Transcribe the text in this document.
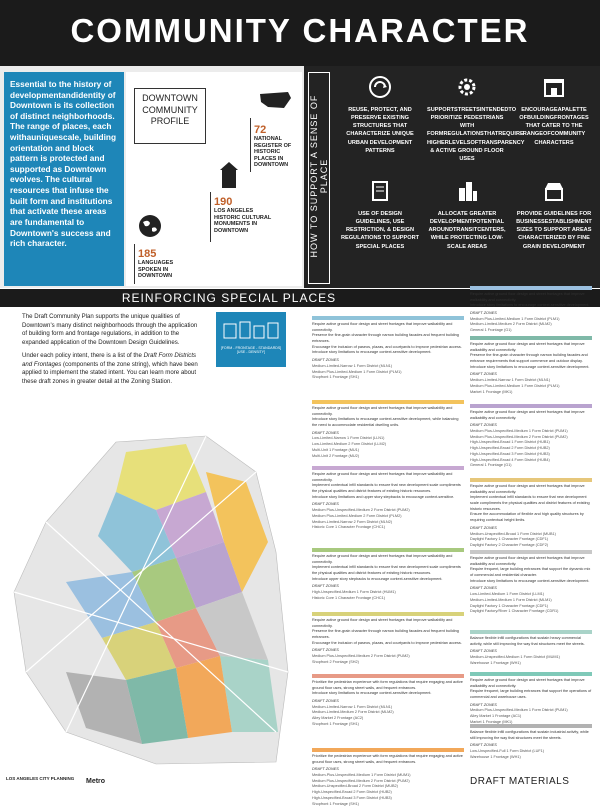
COMMUNITY CHARACTER
Essential to the history of developmentandidentity of Downtown is its collection of distinct neighborhoods. The range of places, each withauniquescale, building orientation and block pattern is protected and supported as Downtown evolves. The cultural resources that infuse the built form and institutions that activate these areas are fundamental to Downtown's success and rich character.
DOWNTOWN
COMMUNITY
PROFILE
72
NATIONAL REGISTER OF HISTORIC PLACES IN DOWNTOWN
190
LOS ANGELES HISTORIC CULTURAL MONUMENTS IN DOWNTOWN
185
LANGUAGES SPOKEN IN DOWNTOWN
HOW TO SUPPORT A SENSE OF PLACE
REUSE, PROTECT, AND PRESERVE EXISTING STRUCTURES THAT CHARACTERIZE UNIQUE URBAN DEVELOPMENT PATTERNS
SUPPORTSTREETSINTENDEDTO PRIORITIZE PEDESTRIANS WITH FORMREGULATIONSTHATREQUIRE HIGHERLEVELSOFTRANSPARENCY & ACTIVE GROUND FLOOR USES
ENCOURAGEAPALETTE OFBUILDINGFRONTAGES THAT CATER TO THE RANGEOFCOMMUNITY CHARACTERS
USE OF DESIGN GUIDELINES, USE RESTRICTION, & DESIGN REGULATIONS TO SUPPORT SPECIAL PLACES
ALLOCATE GREATER DEVELOPMENTPOTENTIAL AROUNDTRANSITCENTERS, WHILE PROTECTING LOW-SCALE AREAS
PROVIDE GUIDELINES FOR BUSINESSESTABLISHMENT SIZES TO SUPPORT AREAS CHARACTERIZED BY FINE GRAIN DEVELOPMENT
REINFORCING SPECIAL PLACES

The Draft Community Plan supports the unique qualities of Downtown's many distinct neighborhoods through the application of building form and frontage regulations, in addition to the expanded application of the Downtown Design Guidelines.

Under each policy intent, there is a list of the Draft Form Districts and Frontages (components of the zone string), which have been applied to implement the stated intent. You can learn more about these draft zones in greater detail at the Zoning Station.

[FORM - FRONTAGE - STANDARDS][USE - DENSITY]
LOS ANGELES CITY PLANNING Metro	DRAFT MATERIALS
Require active ground floor design and street frontages that improve walkability and connectivity.
Preserve the fine-grain character through narrow building facades and frequent building entrances.
Encourage the inclusion of paseos, plazas, and courtyards to improve pedestrian access.
Introduce story limitations to encourage context-sensitive development.
DRAFT ZONES
Medium-Limited-Narrow 1 Form District (MLN1)
Medium Plus-Limited-Medium 1 Form District (PLM1)
Shopfront 1 Frontage (SH1)
Require active ground floor design and street frontages that improve walkability and connectivity.
Introduce story limitations to encourage context-sensitive development, while balancing the need to accommodate residential dwelling units.
DRAFT ZONES
Low-Limited-Narrow 1 Form District (LLN1)
Low-Limited-Medium 2 Form District (LLM2)
Multi-Unit 1 Frontage (MU1)
Multi-Unit 2 Frontage (MU2)
Require active ground floor design and street frontages that improve walkability and connectivity.
Implement contextual infill standards to ensure that new development scale compliments the physical qualities and district features of existing historic resources.
Introduce story limitations and upper story stepbacks to encourage context-sensitive.
DRAFT ZONES
Medium Plus-Unspecified-Medium 2 Form District (PUM2)
Medium Plus-Limited-Medium 2 Form District (PLM2)
Medium-Limited-Narrow 2 Form District (MLN2)
Historic Core 1 Character Frontage (CHC1)
Require active ground floor design and street frontages that improve walkability and connectivity.
Implement contextual infill standards to ensure that new development scale compliments the physical qualities and district features of existing historic resources.
Introduce upper story stepbacks to encourage context-sensitive development.
DRAFT ZONES
High-Unspecified-Medium 1 Form District (HUM1)
Historic Core 1 Character Frontage (CHC1)
Require active ground floor design and street frontages that improve walkability and connectivity.
Preserve the fine-grain character through narrow building facades and frequent building entrances.
Encourage the inclusion of paseos, plazas, and courtyards to improve pedestrian access.
DRAFT ZONES
Medium Plus-Unspecified-Medium 2 Form District (PUM2)
Shopfront 2 Frontage (SH2)
Prioritize the pedestrian experience with form regulations that require engaging and active ground floor uses, strong street walls, and frequent entrances.
Introduce story limitations to encourage context-sensitive development.
DRAFT ZONES
Medium-Limited-Narrow 1 Form District (MLN1)
Medium-Limited-Medium 2 Form District (MLM2)
Alley Market 2 Frontage (AC2)
Shopfront 1 Frontage (SH1)
Prioritize the pedestrian experience with form regulations that require engaging and active ground floor uses, strong street walls, and frequent entrances.
DRAFT ZONES
Medium-Plus-Unspecified-Medium 1 Form District (MUM1)
Medium Plus-Unspecified-Medium 2 Form District (PUM2)
Medium-Unspecified-Broad 2 Form District (MUB2)
High-Unspecified-Broad 2 Form District (HUB2)
High-Unspecified-Broad 3 Form District (HUB3)
Shopfront 1 Frontage (SH1)
Require active ground floor design and street frontages that improve walkability and connectivity.
Introduce story limitations to encourage context-sensitive development.
DRAFT ZONES
Medium Plus-Limited-Medium 1 Form District (PLM1)
Medium-Limited-Medium 2 Form District (MLM2)
General 1 Frontage (G1)
Require active ground floor design and street frontages that improve walkability and connectivity.
Preserve the fine-grain character through narrow building facades and entrance requirements that support commerce and outdoor display.
Introduce story limitations to encourage context-sensitive development.
DRAFT ZONES
Medium-Limited-Narrow 1 Form District (MLN1)
Medium Plus-Limited-Medium 1 Form District (PLM1)
Market 1 Frontage (MK1)
Require active ground floor design and street frontages that improve walkability and connectivity.
DRAFT ZONES
Medium Plus-Unspecified-Medium 1 Form District (PUM1)
Medium Plus-Unspecified-Medium 2 Form District (PUM2)
High-Unspecified-Broad 1 Form District (HUB1)
High-Unspecified-Broad 2 Form District (HUB2)
High-Unspecified-Broad 3 Form District (HUB3)
High-Unspecified-Broad 4 Form District (HUB4)
General 1 Frontage (G1)
Require active ground floor design and street frontages that improve walkability and connectivity.
Implement contextual infill standards to ensure that new development scale compliments the physical qualities and district features of existing historic resources.
Ensure the accommodation of flexible and high quality structures by requiring contextual height limits.
DRAFT ZONES
Medium-Unspecified-Broad 1 Form District (MUB1)
Daylight Factory 1 Character Frontage (CDF1)
Daylight Factory 2 Character Frontage (CDF2)
Require active ground floor design and street frontages that improve walkability and connectivity.
Require frequent, large building entrances that support the dynamic mix of commercial and residential character.
Introduce story limitations to encourage context-sensitive development.
DRAFT ZONES
Low-Limited-Medium 1 Form District (LLM1)
Medium-Limited-Medium 1 Form District (MLM1)
Daylight Factory 1 Character Frontage (CDF1)
Daylight Factory/River 1 Character Frontage (CDR1)
Balance flexible infill configurations that sustain heavy commercial activity, while still improving the way that structures meet the streets.
DRAFT ZONES
Medium-Unspecified-Medium 1 Form District (MUM1)
Warehouse 1 Frontage (WH1)
Require active ground floor design and street frontages that improve walkability and connectivity.
Require frequent, large building entrances that support the operations of commercial and warehouse uses.
DRAFT ZONES
Medium Plus-Unspecified-Medium 1 Form District (PUM1)
Alley Market 1 Frontage (AC1)
Market 1 Frontage (MK1)
Balance flexible infill configurations that sustain industrial activity, while still improving the way that structures meet the streets.
DRAFT ZONES
Low-Unspecified-Full 1 Form District (LUF1)
Warehouse 1 Frontage (WH1)
